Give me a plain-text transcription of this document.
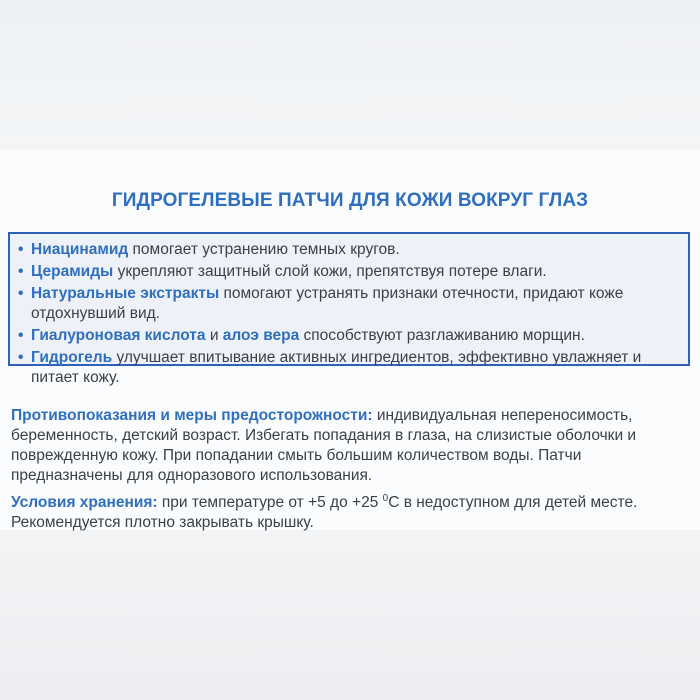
ГИДРОГЕЛЕВЫЕ ПАТЧИ ДЛЯ КОЖИ ВОКРУГ ГЛАЗ
• Ниацинамид помогает устранению темных кругов.
• Церамиды укрепляют защитный слой кожи, препятствуя потере влаги.
• Натуральные экстракты помогают устранять признаки отечности, придают коже отдохнувший вид.
• Гиалуроновая кислота и алоэ вера способствуют разглаживанию морщин.
• Гидрогель улучшает впитывание активных ингредиентов, эффективно увлажняет и питает кожу.
Противопоказания и меры предосторожности: индивидуальная непереносимость, беременность, детский возраст. Избегать попадания в глаза, на слизистые оболочки и поврежденную кожу. При попадании смыть большим количеством воды. Патчи предназначены для одноразового использования.
Условия хранения: при температуре от +5 до +25 $^0$С в недоступном для детей месте. Рекомендуется плотно закрывать крышку.
